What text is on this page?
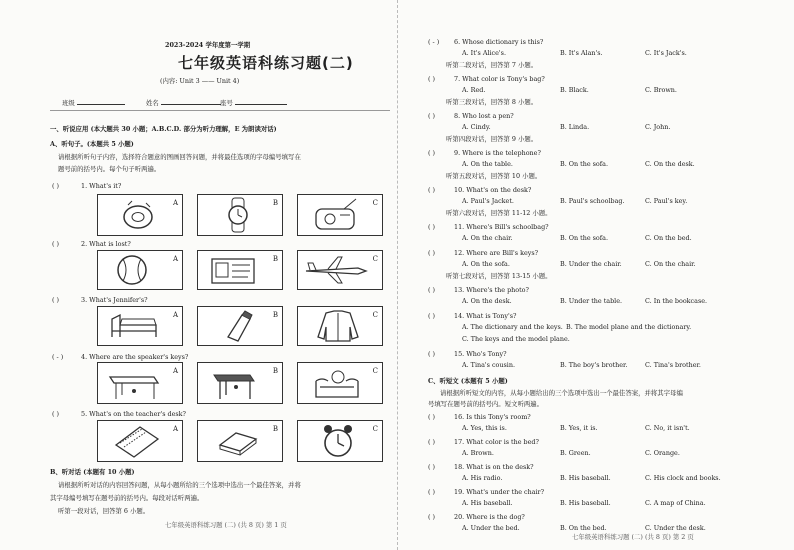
2023-2024 学年度第一学期
七年级英语科练习题(二)
(内容: Unit 3 —— Unit 4)
班级	姓名	座号
一、听说应用 (本大题共 30 小题；A.B.C.D. 部分为听力理解，E 为朗读对话)
A、听句子。(本题共 5 小题)
请根据所听句子内容，选择符合题意的图画回答问题，并将最佳选项的字母编号填写在
题号前的括号内。每个句子听两遍。
( )	1. What's it?
A	B	C
( )	2. What is lost?
A	B	C
( )	3. What's Jennifer's?
A	B	C
( - )	4. Where are the speaker's keys?
A	B	C
( )	5. What's on the teacher's desk?
A	B	C
B、听对话 (本题有 10 小题)
请根据所听对话的内容回答问题，从每小题所给的三个选项中选出一个最佳答案，并将
其字母编号填写在题号前的括号内。每段对话听两遍。
听第一段对话，回答第 6 小题。
七年级英语科练习题 (二) (共 8 页) 第 1 页
( - ) 6. Whose dictionary is this?
A. It's Alice's.	B. It's Alan's.	C. It's Jack's.
听第二段对话，回答第 7 小题。
( )	7. What color is Tony's bag?
A. Red.	B. Black.	C. Brown.
听第三段对话，回答第 8 小题。
( )	8. Who lost a pen?
A. Cindy.	B. Linda.	C. John.
听第四段对话，回答第 9 小题。
( )	9. Where is the telephone?
A. On the table.	B. On the sofa.	C. On the desk.
听第五段对话，回答第 10 小题。
( )	10. What's on the desk?
A. Paul's Jacket.	B. Paul's schoolbag.	C. Paul's key.
听第六段对话，回答第 11-12 小题。
( )	11. Where's Bill's schoolbag?
A. On the chair.	B. On the sofa.	C. On the bed.
( )	12. Where are Bill's keys?
A. On the sofa.	B. Under the chair.	C. On the chair.
听第七段对话，回答第 13-15 小题。
( )	13. Where's the photo?
A. On the desk.	B. Under the table.	C. In the bookcase.
( )	14. What is Tony's?
A. The dictionary and the keys. B. The model plane and the dictionary.
C. The keys and the model plane.
( )	15. Who's Tony?
A. Tina's cousin.	B. The boy's brother.	C. Tina's brother.
C、听短文 (本题有 5 小题)
请根据所听短文的内容，从每小题给出的三个选项中选出一个最佳答案，并将其字母编
号填写在题号前的括号内。短文听两遍。
( )	16. Is this Tony's room?
A. Yes, this is.	B. Yes, it is.	C. No, it isn't.
( )	17. What color is the bed?
A. Brown.	B. Green.	C. Orange.
( )	18. What is on the desk?
A. His radio.	B. His baseball.	C. His clock and books.
( )	19. What's under the chair?
A. His baseball.	B. His baseball.	C. A map of China.
( )	20. Where is the dog?
A. Under the bed.	B. On the bed.	C. Under the desk.
七年级英语科练习题 (二) (共 8 页) 第 2 页
